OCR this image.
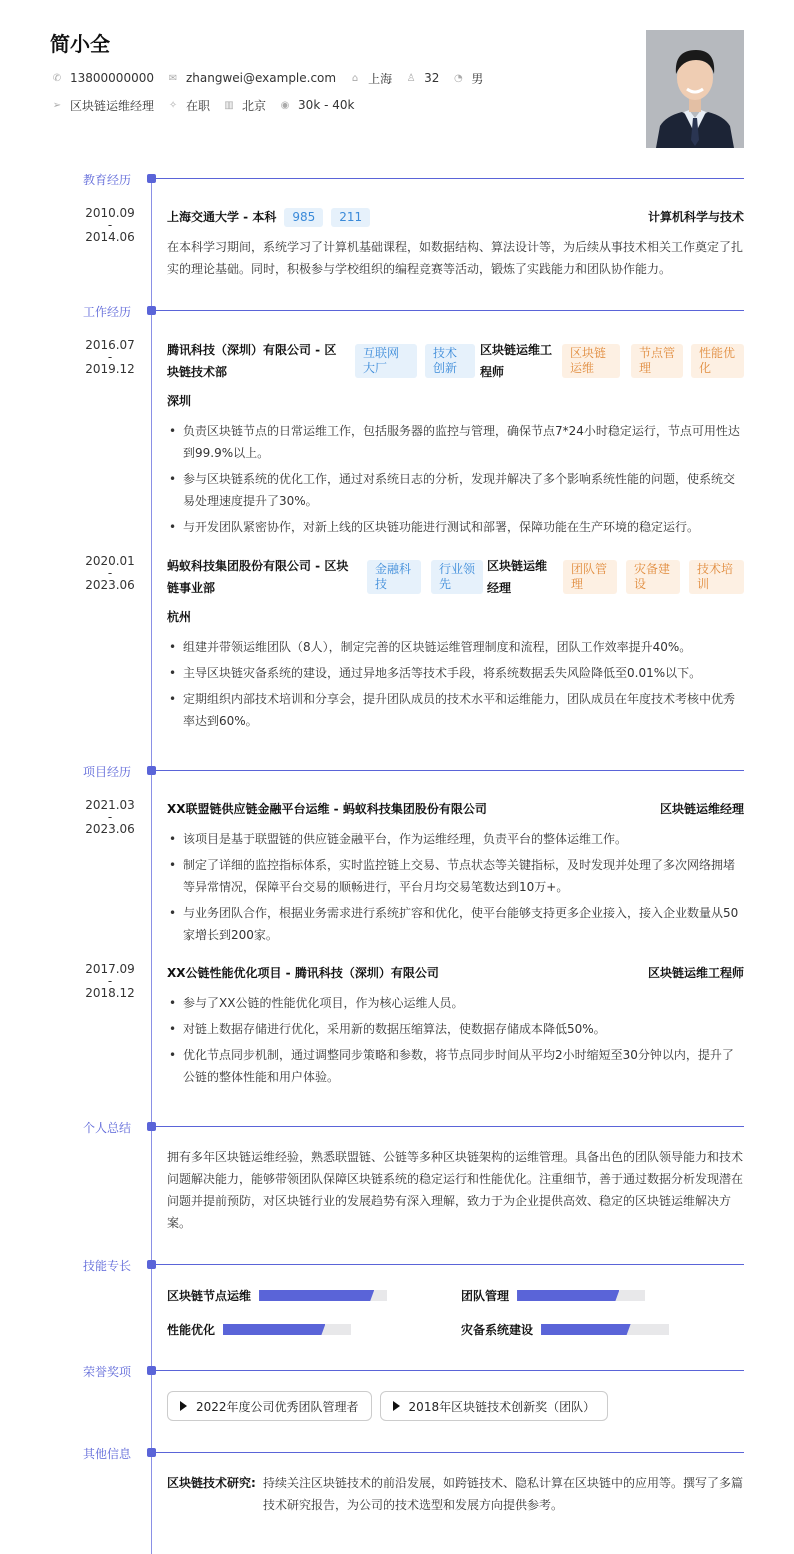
简小全
✆ 13800000000 ✉ zhangwei@example.com	⌂ 上海 ♙ 32 ◔ 男
➢ 区块链运维经理 ✧ 在职 ▥ 北京 ◉ 30k - 40k
教育经历
2010.09
-
2014.06
上海交通大学 - 本科	985	211	计算机科学与技术
在本科学习期间，系统学习了计算机基础课程，如数据结构、算法设计等，为后续从事技术相关工作奠定了扎实的理论基础。同时，积极参与学校组织的编程竞赛等活动，锻炼了实践能力和团队协作能力。
工作经历
2016.07
-
2019.12
腾讯科技（深圳）有限公司 - 区块链技术部
互联网大厂
技术创新
区块链运维工程师
区块链运维
节点管理
性能优化
深圳
• 负责区块链节点的日常运维工作，包括服务器的监控与管理，确保节点7*24小时稳定运行，节点可用性达到99.9%以上。
• 参与区块链系统的优化工作，通过对系统日志的分析，发现并解决了多个影响系统性能的问题，使系统交易处理速度提升了30%。
• 与开发团队紧密协作，对新上线的区块链功能进行测试和部署，保障功能在生产环境的稳定运行。
2020.01
-
2023.06
蚂蚁科技集团股份有限公司 - 区块链事业部
金融科技
行业领先
区块链运维经理
团队管理
灾备建设
技术培训
杭州
• 组建并带领运维团队（8人），制定完善的区块链运维管理制度和流程，团队工作效率提升40%。
• 主导区块链灾备系统的建设，通过异地多活等技术手段，将系统数据丢失风险降低至0.01%以下。
• 定期组织内部技术培训和分享会，提升团队成员的技术水平和运维能力，团队成员在年度技术考核中优秀率达到60%。
项目经历
2021.03
-
2023.06
XX联盟链供应链金融平台运维 - 蚂蚁科技集团股份有限公司	区块链运维经理
• 该项目是基于联盟链的供应链金融平台，作为运维经理，负责平台的整体运维工作。
• 制定了详细的监控指标体系，实时监控链上交易、节点状态等关键指标，及时发现并处理了多次网络拥堵等异常情况，保障平台交易的顺畅进行，平台月均交易笔数达到10万+。
• 与业务团队合作，根据业务需求进行系统扩容和优化，使平台能够支持更多企业接入，接入企业数量从50家增长到200家。
2017.09
-
2018.12
XX公链性能优化项目 - 腾讯科技（深圳）有限公司	区块链运维工程师
• 参与了XX公链的性能优化项目，作为核心运维人员。
• 对链上数据存储进行优化，采用新的数据压缩算法，使数据存储成本降低50%。
• 优化节点同步机制，通过调整同步策略和参数，将节点同步时间从平均2小时缩短至30分钟以内，提升了公链的整体性能和用户体验。
个人总结
拥有多年区块链运维经验，熟悉联盟链、公链等多种区块链架构的运维管理。具备出色的团队领导能力和技术问题解决能力，能够带领团队保障区块链系统的稳定运行和性能优化。注重细节，善于通过数据分析发现潜在问题并提前预防，对区块链行业的发展趋势有深入理解，致力于为企业提供高效、稳定的区块链运维解决方案。
技能专长
区块链节点运维	团队管理
性能优化	灾备系统建设
荣誉奖项
2022年度公司优秀团队管理者	2018年区块链技术创新奖（团队）
其他信息
区块链技术研究: 持续关注区块链技术的前沿发展，如跨链技术、隐私计算在区块链中的应用等。撰写了多篇技术研究报告，为公司的技术选型和发展方向提供参考。
